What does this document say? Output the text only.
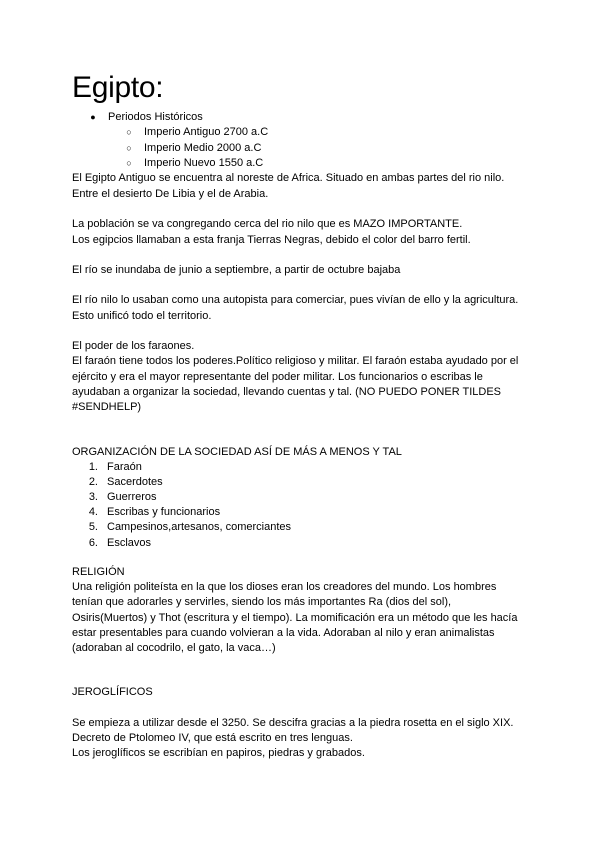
Egipto:
● Periodos Históricos
○ Imperio Antiguo 2700 a.C
○ Imperio Medio 2000 a.C
○ Imperio Nuevo 1550 a.C
El Egipto Antiguo se encuentra al noreste de Africa. Situado en ambas partes del rio nilo.
Entre el desierto De Libia y el de Arabia.
La población se va congregando cerca del rio nilo que es MAZO IMPORTANTE.
Los egipcios llamaban a esta franja Tierras Negras, debido el color del barro fertil.
El río se inundaba de junio a septiembre, a partir de octubre bajaba
El río nilo lo usaban como una autopista para comerciar, pues vivían de ello y la agricultura.
Esto unificó todo el territorio.
El poder de los faraones.
El faraón tiene todos los poderes.Político religioso y militar. El faraón estaba ayudado por el
ejército y era el mayor representante del poder militar. Los funcionarios o escribas le
ayudaban a organizar la sociedad, llevando cuentas y tal. (NO PUEDO PONER TILDES
#SENDHELP)
ORGANIZACIÓN DE LA SOCIEDAD ASÍ DE MÁS A MENOS Y TAL
1. Faraón
2. Sacerdotes
3. Guerreros
4. Escribas y funcionarios
5. Campesinos,artesanos, comerciantes
6. Esclavos
RELIGIÓN
Una religión politeísta en la que los dioses eran los creadores del mundo. Los hombres
tenían que adorarles y servirles, siendo los más importantes Ra (dios del sol),
Osiris(Muertos) y Thot (escritura y el tiempo). La momificación era un método que les hacía
estar presentables para cuando volvieran a la vida. Adoraban al nilo y eran animalistas
(adoraban al cocodrilo, el gato, la vaca…)
JEROGLÍFICOS
Se empieza a utilizar desde el 3250. Se descifra gracias a la piedra rosetta en el siglo XIX.
Decreto de Ptolomeo IV, que está escrito en tres lenguas.
Los jeroglíficos se escribían en papiros, piedras y grabados.
